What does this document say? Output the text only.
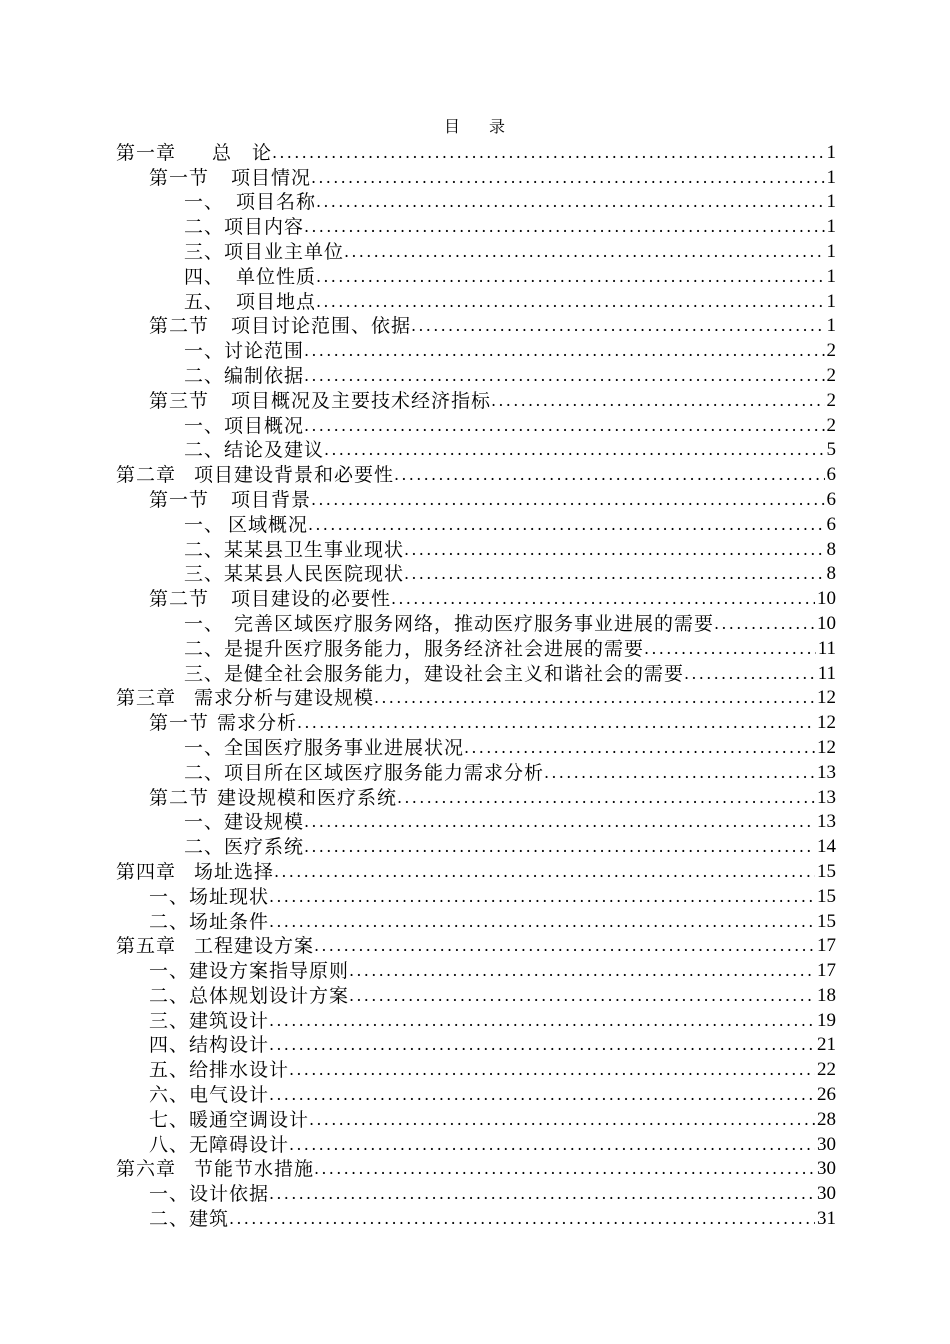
目 录
第一章 总　论 .....	1
第一节 项目情况 .....	1
一、 项目名称 .....	1
二、项目内容 .....	1
三、项目业主单位 .....	1
四、 单位性质 .....	1
五、 项目地点 .....	1
第二节 项目讨论范围、依据 .....	1
一、讨论范围 .....	2
二、编制依据 .....	2
第三节 项目概况及主要技术经济指标 .....	2
一、项目概况 .....	2
二、结论及建议 .....	5
第二章 项目建设背景和必要性 .....	6
第一节 项目背景 .....	6
一、 区域概况 .....	6
二、某某县卫生事业现状 .....	8
三、某某县人民医院现状 .....	8
第二节 项目建设的必要性 .....	10
一、 完善区域医疗服务网络，推动医疗服务事业进展的需要 .....	10
二、是提升医疗服务能力，服务经济社会进展的需要 .....	11
三、是健全社会服务能力，建设社会主义和谐社会的需要 .....	11
第三章 需求分析与建设规模 .....	12
第一节 需求分析 .....	12
一、全国医疗服务事业进展状况 .....	12
二、项目所在区域医疗服务能力需求分析 .....	13
第二节 建设规模和医疗系统 .....	13
一、建设规模 .....	13
二、医疗系统 .....	14
第四章 场址选择 .....	15
一、场址现状 .....	15
二、场址条件 .....	15
第五章 工程建设方案 .....	17
一、建设方案指导原则 .....	17
二、总体规划设计方案 .....	18
三、建筑设计 .....	19
四、结构设计 .....	21
五、给排水设计 .....	22
六、电气设计 .....	26
七、暖通空调设计 .....	28
八、无障碍设计 .....	30
第六章 节能节水措施 .....	30
一、设计依据 .....	30
二、建筑 .....	31
